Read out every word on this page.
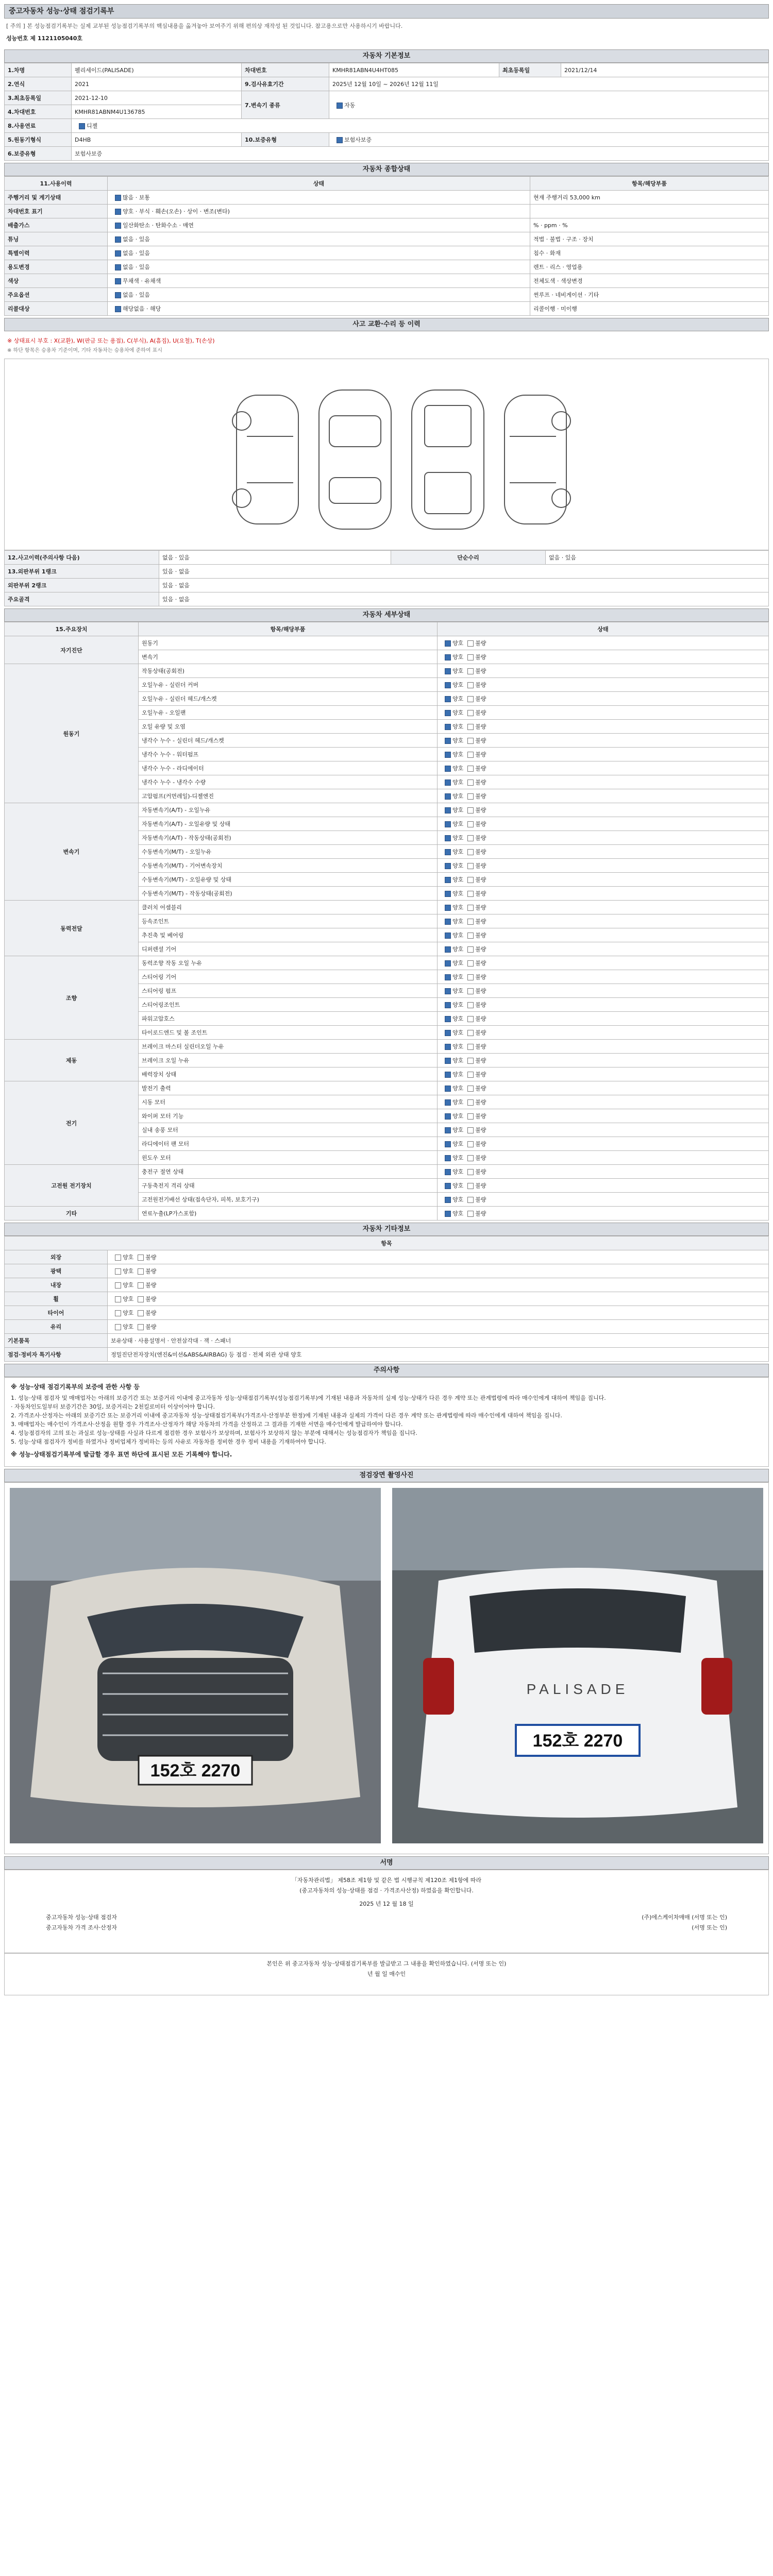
중고자동차 성능·상태 점검기록부
[ 주의 ] 본 성능점검기록부는 실제 교부된 성능점검기록부의 핵심내용을 옮겨놓아 보여주기 위해 편의상 재작성 된 것입니다. 참고용으로만 사용하시기 바랍니다.
성능번호 제 1121105040호
자동차 기본정보
1.차명	펠리세이드(PALISADE)	차대번호	KMHR81ABN4U4HT085	최초등록일	2021/12/14
2.연식	2021	9.검사유효기간	2025년 12월 10일 ~ 2026년 12월 11일		
3.최초등록일	2021-12-10	7.변속기 종류	자동		
4.차대번호	KMHR81ABNM4U136785				
8.사용연료	디젤				
5.원동기형식	D4HB	10.보증유형	보험사보증		
6.보증유형	보험사보증				
자동차 종합상태
11.사용이력	상태	항목/해당부품
주행거리 및 계기상태	많음 · 보통	현재 주행거리 53,000 km
차대번호 표기	양호 · 부식 · 훼손(오손) · 상이 · 변조(변타)	
배출가스	일산화탄소 · 탄화수소 · 매연	% · ppm · %
튜닝	없음 · 있음	적법 · 불법 · 구조 · 장치
특별이력	없음 · 있음	침수 · 화재
용도변경	없음 · 있음	렌트 · 리스 · 영업용
색상	무채색 · 유채색	전체도색 · 색상변경
주요옵션	없음 · 있음	썬루프 · 네비게이션 · 기타
리콜대상	해당없음 · 해당	리콜이행 · 미이행
사고 교환·수리 등 이력
※ 상태표시 부호 : X(교환), W(판금 또는 용접), C(부식), A(흠집), U(요철), T(손상)
※ 하단 항목은 승용차 기준이며, 기타 자동차는 승용차에 준하여 표시
12.사고이력(주의사항 다음)	없음 · 있음	단순수리	없음 · 있음
13.외판부위 1랭크	있음 · 없음		
외판부위 2랭크	있음 · 없음		
주요골격	있음 · 없음		
자동차 세부상태
15.주요장치	항목/해당부품	상태
자기진단	원동기	양호 불량
	변속기	양호 불량
원동기	작동상태(공회전)	양호 불량
	오일누유 - 실린더 커버	양호 불량
	오일누유 - 실린더 헤드/개스켓	양호 불량
	오일누유 - 오일팬	양호 불량
	오일 유량 및 오염	양호 불량
	냉각수 누수 - 실린더 헤드/개스켓	양호 불량
	냉각수 누수 - 워터펌프	양호 불량
	냉각수 누수 - 라디에이터	양호 불량
	냉각수 누수 - 냉각수 수량	양호 불량
	고압펌프(커먼레일)-디젤엔진	양호 불량
변속기	자동변속기(A/T) - 오일누유	양호 불량
	자동변속기(A/T) - 오일유량 및 상태	양호 불량
	자동변속기(A/T) - 작동상태(공회전)	양호 불량
	수동변속기(M/T) - 오일누유	양호 불량
	수동변속기(M/T) - 기어변속장치	양호 불량
	수동변속기(M/T) - 오일유량 및 상태	양호 불량
	수동변속기(M/T) - 작동상태(공회전)	양호 불량
동력전달	클러치 어셈블리	양호 불량
	등속조인트	양호 불량
	추진축 및 베어링	양호 불량
	디퍼렌셜 기어	양호 불량
조향	동력조향 작동 오일 누유	양호 불량
	스티어링 기어	양호 불량
	스티어링 펌프	양호 불량
	스티어링조인트	양호 불량
	파워고압호스	양호 불량
	타이로드엔드 및 볼 조인트	양호 불량
제동	브레이크 마스터 실린더오일 누유	양호 불량
	브레이크 오일 누유	양호 불량
	배력장치 상태	양호 불량
전기	발전기 출력	양호 불량
	시동 모터	양호 불량
	와이퍼 모터 기능	양호 불량
	실내 송풍 모터	양호 불량
	라디에이터 팬 모터	양호 불량
	윈도우 모터	양호 불량
고전원 전기장치	충전구 절연 상태	양호 불량
	구동축전지 격리 상태	양호 불량
	고전원전기배선 상태(접속단자, 피복, 보호기구)	양호 불량
기타	연료누출(LP가스포함)	양호 불량
자동차 기타정보
항목	
외장	양호 불량
광택	양호 불량
내장	양호 불량
휠	양호 불량
타이어	양호 불량
유리	양호 불량
기본품목	보유상태 · 사용설명서 · 안전삼각대 · 잭 · 스패너
점검·정비자 특기사항	정밀진단전자장치(엔진&미션&ABS&AIRBAG) 등 점검 · 전체 외관 상태 양호
주의사항
※ 성능·상태 점검기록부의 보증에 관한 사항 등
1. 성능·상태 점검자 및 매매업자는 아래의 보증기간 또는 보증거리 이내에 중고자동차 성능·상태점검기록부(성능점검기록부)에 기재된 내용과 자동차의 실제 성능·상태가 다른 경우 계약 또는 관계법령에 따라 매수인에게 대하여 책임을 집니다.
· 자동차인도일부터 보증기간은 30일, 보증거리는 2천킬로미터 이상이어야 합니다.
2. 가격조사·산정자는 아래의 보증기간 또는 보증거리 이내에 중고자동차 성능·상태점검기록부(가격조사·산정부분 한정)에 기재된 내용과 실제의 가격이 다른 경우 계약 또는 관계법령에 따라 매수인에게 대하여 책임을 집니다.
3. 매매업자는 매수인이 가격조사·산정을 원할 경우 가격조사·산정자가 해당 자동차의 가격을 산정하고 그 결과를 기재한 서면을 매수인에게 발급하여야 합니다.
4. 성능점검자의 고의 또는 과실로 성능·상태를 사실과 다르게 점검한 경우 보험사가 보상하며, 보험사가 보상하지 않는 부분에 대해서는 성능점검자가 책임을 집니다.
5. 성능·상태 점검자가 정비를 하였거나 정비업체가 정비하는 등의 사유로 자동차를 정비한 경우 정비 내용을 기재하여야 합니다.
※ 성능·상태점검기록부에 발급할 경우 표면 하단에 표시된 모든 기록해야 합니다.
점검장면 촬영사진
152호 2270
PALISADE
152호 2270
서명
「자동차관리법」 제58조 제1항 및 같은 법 시행규칙 제120조 제1항에 따라
(중고자동차의 성능·상태를 점검 · 가격조사산정) 하였음을 확인합니다.
2025 년 12 월 18 일
중고자동차 성능·상태 점검자	(주)에스케이차매매 (서명 또는 인)
중고자동차 가격 조사·산정자	(서명 또는 인)
본인은 위 중고자동차 성능·상태점검기록부를 발급받고 그 내용을 확인하였습니다. (서명 또는 인)
년 월 일 매수인
